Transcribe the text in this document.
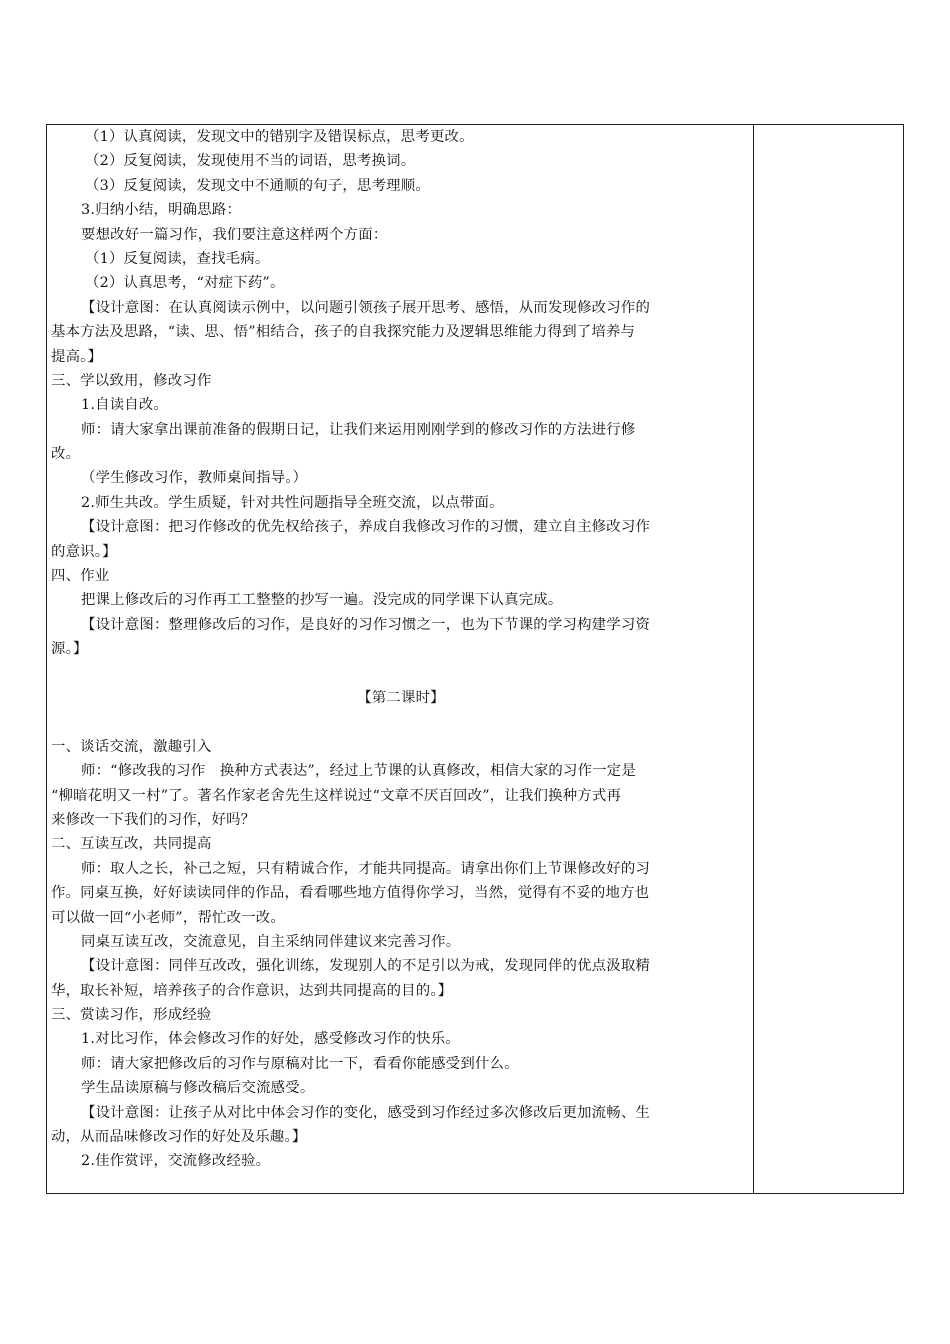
（1）认真阅读，发现文中的错别字及错误标点，思考更改。
（2）反复阅读，发现使用不当的词语，思考换词。
（3）反复阅读，发现文中不通顺的句子，思考理顺。
3.归纳小结，明确思路：
要想改好一篇习作，我们要注意这样两个方面：
（1）反复阅读，查找毛病。
（2）认真思考，“对症下药”。
【设计意图：在认真阅读示例中，以问题引领孩子展开思考、感悟，从而发现修改习作的
基本方法及思路，“读、思、悟”相结合，孩子的自我探究能力及逻辑思维能力得到了培养与
提高。】
三、学以致用，修改习作
1.自读自改。
师：请大家拿出课前准备的假期日记，让我们来运用刚刚学到的修改习作的方法进行修
改。
（学生修改习作，教师桌间指导。）
2.师生共改。学生质疑，针对共性问题指导全班交流，以点带面。
【设计意图：把习作修改的优先权给孩子，养成自我修改习作的习惯，建立自主修改习作
的意识。】
四、作业
把课上修改后的习作再工工整整的抄写一遍。没完成的同学课下认真完成。
【设计意图：整理修改后的习作，是良好的习作习惯之一，也为下节课的学习构建学习资
源。】
【第二课时】
一、谈话交流，激趣引入
师：“修改我的习作　换种方式表达”，经过上节课的认真修改，相信大家的习作一定是
“柳暗花明又一村”了。著名作家老舍先生这样说过“文章不厌百回改”，让我们换种方式再
来修改一下我们的习作，好吗？
二、互读互改，共同提高
师：取人之长，补己之短，只有精诚合作，才能共同提高。请拿出你们上节课修改好的习
作。同桌互换，好好读读同伴的作品，看看哪些地方值得你学习，当然，觉得有不妥的地方也
可以做一回“小老师”，帮忙改一改。
同桌互读互改，交流意见，自主采纳同伴建议来完善习作。
【设计意图：同伴互改改，强化训练，发现别人的不足引以为戒，发现同伴的优点汲取精
华，取长补短，培养孩子的合作意识，达到共同提高的目的。】
三、赏读习作，形成经验
1.对比习作，体会修改习作的好处，感受修改习作的快乐。
师：请大家把修改后的习作与原稿对比一下，看看你能感受到什么。
学生品读原稿与修改稿后交流感受。
【设计意图：让孩子从对比中体会习作的变化，感受到习作经过多次修改后更加流畅、生
动，从而品味修改习作的好处及乐趣。】
2.佳作赏评，交流修改经验。
